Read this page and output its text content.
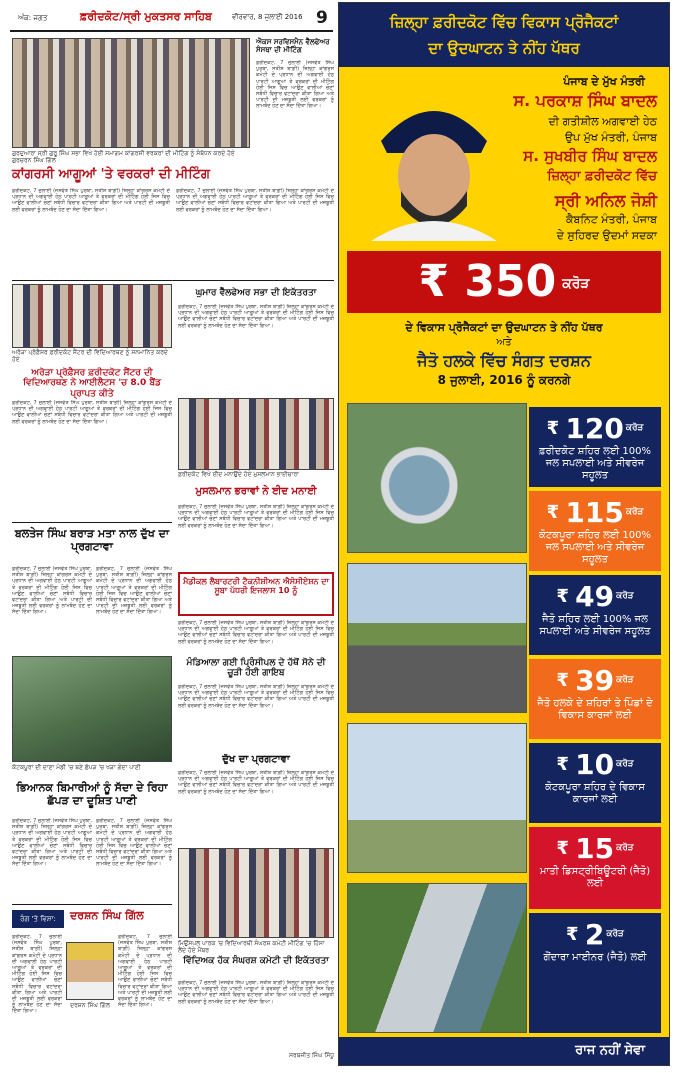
ਅੰਕ: ਜਗਤ	ਫ਼ਰੀਦਕੋਟ/ਸ੍ਰੀ ਮੁਕਤਸਰ ਸਾਹਿਬ	ਵੀਰਵਾਰ, 8 ਜੁਲਾਈ 2016 9
ਗੁਰਦੁਆਰਾ ਸ੍ਰੀ ਗੁਰੂ ਸਿੰਘ ਸਭਾ ਵਿਖੇ ਹੋਈ ਸਮਾਗਮ ਕਾਂਗਰਸੀ ਵਰਕਰਾਂ ਦੀ ਮੀਟਿੰਗ ਨੂੰ ਸੰਬੋਧਨ ਕਰਦੇ ਹੋਏ ਗੁਰਚਰਨ ਸਿੰਘ ਗਿੱਲ
ਐਕਸ ਸਰਵਿਸਮੈਨ ਵੈੱਲਫੇਅਰ ਸੰਸਥਾ ਦੀ ਮੀਟਿੰਗ
ਫ਼ਰੀਦਕੋਟ, 7 ਜੁਲਾਈ (ਜਸਵੰਤ ਸਿੰਘ ਪੁਰਬਾ, ਸਤੀਸ਼ ਬਾਗ਼ੀ) ਜ਼ਿਲ੍ਹਾ ਕਾਂਗਰਸ ਕਮੇਟੀ ਦੇ ਪ੍ਰਧਾਨ ਦੀ ਅਗਵਾਈ ਹੇਠ ਪਾਰਟੀ ਆਗੂਆਂ ਤੇ ਵਰਕਰਾਂ ਦੀ ਮੀਟਿੰਗ ਹੋਈ ਜਿਸ ਵਿਚ ਆਉਣ ਵਾਲੀਆਂ ਚੋਣਾਂ ਸਬੰਧੀ ਵਿਚਾਰ ਵਟਾਂਦਰਾ ਕੀਤਾ ਗਿਆ ਅਤੇ ਪਾਰਟੀ ਦੀ ਮਜ਼ਬੂਤੀ ਲਈ ਵਰਕਰਾਂ ਨੂੰ ਲਾਮਬੰਦ ਹੋਣ ਦਾ ਸੱਦਾ ਦਿੱਤਾ ਗਿਆ।
ਕਾਂਗਰਸੀ ਆਗੂਆਂ 'ਤੇ ਵਰਕਰਾਂ ਦੀ ਮੀਟਿੰਗ
ਫ਼ਰੀਦਕੋਟ, 7 ਜੁਲਾਈ (ਜਸਵੰਤ ਸਿੰਘ ਪੁਰਬਾ, ਸਤੀਸ਼ ਬਾਗ਼ੀ) ਜ਼ਿਲ੍ਹਾ ਕਾਂਗਰਸ ਕਮੇਟੀ ਦੇ ਪ੍ਰਧਾਨ ਦੀ ਅਗਵਾਈ ਹੇਠ ਪਾਰਟੀ ਆਗੂਆਂ ਤੇ ਵਰਕਰਾਂ ਦੀ ਮੀਟਿੰਗ ਹੋਈ ਜਿਸ ਵਿਚ ਆਉਣ ਵਾਲੀਆਂ ਚੋਣਾਂ ਸਬੰਧੀ ਵਿਚਾਰ ਵਟਾਂਦਰਾ ਕੀਤਾ ਗਿਆ ਅਤੇ ਪਾਰਟੀ ਦੀ ਮਜ਼ਬੂਤੀ ਲਈ ਵਰਕਰਾਂ ਨੂੰ ਲਾਮਬੰਦ ਹੋਣ ਦਾ ਸੱਦਾ ਦਿੱਤਾ ਗਿਆ।
ਫ਼ਰੀਦਕੋਟ, 7 ਜੁਲਾਈ (ਜਸਵੰਤ ਸਿੰਘ ਪੁਰਬਾ, ਸਤੀਸ਼ ਬਾਗ਼ੀ) ਜ਼ਿਲ੍ਹਾ ਕਾਂਗਰਸ ਕਮੇਟੀ ਦੇ ਪ੍ਰਧਾਨ ਦੀ ਅਗਵਾਈ ਹੇਠ ਪਾਰਟੀ ਆਗੂਆਂ ਤੇ ਵਰਕਰਾਂ ਦੀ ਮੀਟਿੰਗ ਹੋਈ ਜਿਸ ਵਿਚ ਆਉਣ ਵਾਲੀਆਂ ਚੋਣਾਂ ਸਬੰਧੀ ਵਿਚਾਰ ਵਟਾਂਦਰਾ ਕੀਤਾ ਗਿਆ ਅਤੇ ਪਾਰਟੀ ਦੀ ਮਜ਼ਬੂਤੀ ਲਈ ਵਰਕਰਾਂ ਨੂੰ ਲਾਮਬੰਦ ਹੋਣ ਦਾ ਸੱਦਾ ਦਿੱਤਾ ਗਿਆ।
ਅਰੋੜਾ ਪ੍ਰੋਫ਼ੈਸਰ ਫ਼ਰੀਦਕੋਟ ਸੈਂਟਰ ਦੀ ਵਿਦਿਆਰਥਣ ਨੂੰ ਸਨਮਾਨਿਤ ਕਰਦੇ ਹੋਏ
ਅਰੋੜਾ ਪ੍ਰੋਫ਼ੈਸਰ ਫ਼ਰੀਦਕੋਟ ਸੈਂਟਰ ਦੀ ਵਿਦਿਆਰਥਣ ਨੇ ਆਈਲੈਟਸ 'ਚ 8.0 ਬੈਂਡ ਪ੍ਰਾਪਤ ਕੀਤੇ
ਫ਼ਰੀਦਕੋਟ, 7 ਜੁਲਾਈ (ਜਸਵੰਤ ਸਿੰਘ ਪੁਰਬਾ, ਸਤੀਸ਼ ਬਾਗ਼ੀ) ਜ਼ਿਲ੍ਹਾ ਕਾਂਗਰਸ ਕਮੇਟੀ ਦੇ ਪ੍ਰਧਾਨ ਦੀ ਅਗਵਾਈ ਹੇਠ ਪਾਰਟੀ ਆਗੂਆਂ ਤੇ ਵਰਕਰਾਂ ਦੀ ਮੀਟਿੰਗ ਹੋਈ ਜਿਸ ਵਿਚ ਆਉਣ ਵਾਲੀਆਂ ਚੋਣਾਂ ਸਬੰਧੀ ਵਿਚਾਰ ਵਟਾਂਦਰਾ ਕੀਤਾ ਗਿਆ ਅਤੇ ਪਾਰਟੀ ਦੀ ਮਜ਼ਬੂਤੀ ਲਈ ਵਰਕਰਾਂ ਨੂੰ ਲਾਮਬੰਦ ਹੋਣ ਦਾ ਸੱਦਾ ਦਿੱਤਾ ਗਿਆ।
ਘੁਮਾਰ ਵੈੱਲਫੇਅਰ ਸਭਾ ਦੀ ਇਕੱਤਰਤਾ
ਫ਼ਰੀਦਕੋਟ, 7 ਜੁਲਾਈ (ਜਸਵੰਤ ਸਿੰਘ ਪੁਰਬਾ, ਸਤੀਸ਼ ਬਾਗ਼ੀ) ਜ਼ਿਲ੍ਹਾ ਕਾਂਗਰਸ ਕਮੇਟੀ ਦੇ ਪ੍ਰਧਾਨ ਦੀ ਅਗਵਾਈ ਹੇਠ ਪਾਰਟੀ ਆਗੂਆਂ ਤੇ ਵਰਕਰਾਂ ਦੀ ਮੀਟਿੰਗ ਹੋਈ ਜਿਸ ਵਿਚ ਆਉਣ ਵਾਲੀਆਂ ਚੋਣਾਂ ਸਬੰਧੀ ਵਿਚਾਰ ਵਟਾਂਦਰਾ ਕੀਤਾ ਗਿਆ ਅਤੇ ਪਾਰਟੀ ਦੀ ਮਜ਼ਬੂਤੀ ਲਈ ਵਰਕਰਾਂ ਨੂੰ ਲਾਮਬੰਦ ਹੋਣ ਦਾ ਸੱਦਾ ਦਿੱਤਾ ਗਿਆ।
ਫ਼ਰੀਦਕੋਟ ਵਿਖੇ ਈਦ ਮਨਾਉਂਦੇ ਹੋਏ ਮੁਸਲਮਾਨ ਭਾਈਚਾਰਾ
ਮੁਸਲਮਾਨ ਭਰਾਵਾਂ ਨੇ ਈਦ ਮਨਾਈ
ਫ਼ਰੀਦਕੋਟ, 7 ਜੁਲਾਈ (ਜਸਵੰਤ ਸਿੰਘ ਪੁਰਬਾ, ਸਤੀਸ਼ ਬਾਗ਼ੀ) ਜ਼ਿਲ੍ਹਾ ਕਾਂਗਰਸ ਕਮੇਟੀ ਦੇ ਪ੍ਰਧਾਨ ਦੀ ਅਗਵਾਈ ਹੇਠ ਪਾਰਟੀ ਆਗੂਆਂ ਤੇ ਵਰਕਰਾਂ ਦੀ ਮੀਟਿੰਗ ਹੋਈ ਜਿਸ ਵਿਚ ਆਉਣ ਵਾਲੀਆਂ ਚੋਣਾਂ ਸਬੰਧੀ ਵਿਚਾਰ ਵਟਾਂਦਰਾ ਕੀਤਾ ਗਿਆ ਅਤੇ ਪਾਰਟੀ ਦੀ ਮਜ਼ਬੂਤੀ ਲਈ ਵਰਕਰਾਂ ਨੂੰ ਲਾਮਬੰਦ ਹੋਣ ਦਾ ਸੱਦਾ ਦਿੱਤਾ ਗਿਆ।
ਬਲਤੇਜ ਸਿੰਘ ਬਰਾੜ ਮਤਾ ਨਾਲ ਦੁੱਖ ਦਾ ਪ੍ਰਗਟਾਵਾ
ਫ਼ਰੀਦਕੋਟ, 7 ਜੁਲਾਈ (ਜਸਵੰਤ ਸਿੰਘ ਪੁਰਬਾ, ਸਤੀਸ਼ ਬਾਗ਼ੀ) ਜ਼ਿਲ੍ਹਾ ਕਾਂਗਰਸ ਕਮੇਟੀ ਦੇ ਪ੍ਰਧਾਨ ਦੀ ਅਗਵਾਈ ਹੇਠ ਪਾਰਟੀ ਆਗੂਆਂ ਤੇ ਵਰਕਰਾਂ ਦੀ ਮੀਟਿੰਗ ਹੋਈ ਜਿਸ ਵਿਚ ਆਉਣ ਵਾਲੀਆਂ ਚੋਣਾਂ ਸਬੰਧੀ ਵਿਚਾਰ ਵਟਾਂਦਰਾ ਕੀਤਾ ਗਿਆ ਅਤੇ ਪਾਰਟੀ ਦੀ ਮਜ਼ਬੂਤੀ ਲਈ ਵਰਕਰਾਂ ਨੂੰ ਲਾਮਬੰਦ ਹੋਣ ਦਾ ਸੱਦਾ ਦਿੱਤਾ ਗਿਆ।
ਫ਼ਰੀਦਕੋਟ, 7 ਜੁਲਾਈ (ਜਸਵੰਤ ਸਿੰਘ ਪੁਰਬਾ, ਸਤੀਸ਼ ਬਾਗ਼ੀ) ਜ਼ਿਲ੍ਹਾ ਕਾਂਗਰਸ ਕਮੇਟੀ ਦੇ ਪ੍ਰਧਾਨ ਦੀ ਅਗਵਾਈ ਹੇਠ ਪਾਰਟੀ ਆਗੂਆਂ ਤੇ ਵਰਕਰਾਂ ਦੀ ਮੀਟਿੰਗ ਹੋਈ ਜਿਸ ਵਿਚ ਆਉਣ ਵਾਲੀਆਂ ਚੋਣਾਂ ਸਬੰਧੀ ਵਿਚਾਰ ਵਟਾਂਦਰਾ ਕੀਤਾ ਗਿਆ ਅਤੇ ਪਾਰਟੀ ਦੀ ਮਜ਼ਬੂਤੀ ਲਈ ਵਰਕਰਾਂ ਨੂੰ ਲਾਮਬੰਦ ਹੋਣ ਦਾ ਸੱਦਾ ਦਿੱਤਾ ਗਿਆ।
ਮੈਡੀਕਲ ਲੈਬਾਰਟਰੀ ਟੈਕਨੀਸ਼ੀਅਨ ਐਸੋਸੀਏਸ਼ਨ ਦਾ ਸੂਬਾ ਪੱਧਰੀ ਇਜਲਾਸ 10 ਨੂੰ
ਫ਼ਰੀਦਕੋਟ, 7 ਜੁਲਾਈ (ਜਸਵੰਤ ਸਿੰਘ ਪੁਰਬਾ, ਸਤੀਸ਼ ਬਾਗ਼ੀ) ਜ਼ਿਲ੍ਹਾ ਕਾਂਗਰਸ ਕਮੇਟੀ ਦੇ ਪ੍ਰਧਾਨ ਦੀ ਅਗਵਾਈ ਹੇਠ ਪਾਰਟੀ ਆਗੂਆਂ ਤੇ ਵਰਕਰਾਂ ਦੀ ਮੀਟਿੰਗ ਹੋਈ ਜਿਸ ਵਿਚ ਆਉਣ ਵਾਲੀਆਂ ਚੋਣਾਂ ਸਬੰਧੀ ਵਿਚਾਰ ਵਟਾਂਦਰਾ ਕੀਤਾ ਗਿਆ ਅਤੇ ਪਾਰਟੀ ਦੀ ਮਜ਼ਬੂਤੀ ਲਈ ਵਰਕਰਾਂ ਨੂੰ ਲਾਮਬੰਦ ਹੋਣ ਦਾ ਸੱਦਾ ਦਿੱਤਾ ਗਿਆ।
ਮੰਡਿਆਲਾ ਗਈ ਪ੍ਰਿੰਸੀਪਲ ਦੇ ਹੱਥੋਂ ਸੋਨੇ ਦੀ ਚੂੜੀ ਹੋਈ ਗਾਇਬ
ਫ਼ਰੀਦਕੋਟ, 7 ਜੁਲਾਈ (ਜਸਵੰਤ ਸਿੰਘ ਪੁਰਬਾ, ਸਤੀਸ਼ ਬਾਗ਼ੀ) ਜ਼ਿਲ੍ਹਾ ਕਾਂਗਰਸ ਕਮੇਟੀ ਦੇ ਪ੍ਰਧਾਨ ਦੀ ਅਗਵਾਈ ਹੇਠ ਪਾਰਟੀ ਆਗੂਆਂ ਤੇ ਵਰਕਰਾਂ ਦੀ ਮੀਟਿੰਗ ਹੋਈ ਜਿਸ ਵਿਚ ਆਉਣ ਵਾਲੀਆਂ ਚੋਣਾਂ ਸਬੰਧੀ ਵਿਚਾਰ ਵਟਾਂਦਰਾ ਕੀਤਾ ਗਿਆ ਅਤੇ ਪਾਰਟੀ ਦੀ ਮਜ਼ਬੂਤੀ ਲਈ ਵਰਕਰਾਂ ਨੂੰ ਲਾਮਬੰਦ ਹੋਣ ਦਾ ਸੱਦਾ ਦਿੱਤਾ ਗਿਆ।
ਕੋਟਕਪੂਰਾ ਦੀ ਦਾਣਾ ਮੰਡੀ 'ਚ ਬਣੇ ਛੱਪੜ 'ਚ ਖੜਾ ਗੰਦਾ ਪਾਣੀ
ਦੁੱਖ ਦਾ ਪ੍ਰਗਟਾਵਾ
ਫ਼ਰੀਦਕੋਟ, 7 ਜੁਲਾਈ (ਜਸਵੰਤ ਸਿੰਘ ਪੁਰਬਾ, ਸਤੀਸ਼ ਬਾਗ਼ੀ) ਜ਼ਿਲ੍ਹਾ ਕਾਂਗਰਸ ਕਮੇਟੀ ਦੇ ਪ੍ਰਧਾਨ ਦੀ ਅਗਵਾਈ ਹੇਠ ਪਾਰਟੀ ਆਗੂਆਂ ਤੇ ਵਰਕਰਾਂ ਦੀ ਮੀਟਿੰਗ ਹੋਈ ਜਿਸ ਵਿਚ ਆਉਣ ਵਾਲੀਆਂ ਚੋਣਾਂ ਸਬੰਧੀ ਵਿਚਾਰ ਵਟਾਂਦਰਾ ਕੀਤਾ ਗਿਆ ਅਤੇ ਪਾਰਟੀ ਦੀ ਮਜ਼ਬੂਤੀ ਲਈ ਵਰਕਰਾਂ ਨੂੰ ਲਾਮਬੰਦ ਹੋਣ ਦਾ ਸੱਦਾ ਦਿੱਤਾ ਗਿਆ।
ਭਿਆਨਕ ਬਿਮਾਰੀਆਂ ਨੂੰ ਸੱਦਾ ਦੇ ਰਿਹਾ ਛੱਪੜ ਦਾ ਦੂਸ਼ਿਤ ਪਾਣੀ
ਫ਼ਰੀਦਕੋਟ, 7 ਜੁਲਾਈ (ਜਸਵੰਤ ਸਿੰਘ ਪੁਰਬਾ, ਸਤੀਸ਼ ਬਾਗ਼ੀ) ਜ਼ਿਲ੍ਹਾ ਕਾਂਗਰਸ ਕਮੇਟੀ ਦੇ ਪ੍ਰਧਾਨ ਦੀ ਅਗਵਾਈ ਹੇਠ ਪਾਰਟੀ ਆਗੂਆਂ ਤੇ ਵਰਕਰਾਂ ਦੀ ਮੀਟਿੰਗ ਹੋਈ ਜਿਸ ਵਿਚ ਆਉਣ ਵਾਲੀਆਂ ਚੋਣਾਂ ਸਬੰਧੀ ਵਿਚਾਰ ਵਟਾਂਦਰਾ ਕੀਤਾ ਗਿਆ ਅਤੇ ਪਾਰਟੀ ਦੀ ਮਜ਼ਬੂਤੀ ਲਈ ਵਰਕਰਾਂ ਨੂੰ ਲਾਮਬੰਦ ਹੋਣ ਦਾ ਸੱਦਾ ਦਿੱਤਾ ਗਿਆ।
ਫ਼ਰੀਦਕੋਟ, 7 ਜੁਲਾਈ (ਜਸਵੰਤ ਸਿੰਘ ਪੁਰਬਾ, ਸਤੀਸ਼ ਬਾਗ਼ੀ) ਜ਼ਿਲ੍ਹਾ ਕਾਂਗਰਸ ਕਮੇਟੀ ਦੇ ਪ੍ਰਧਾਨ ਦੀ ਅਗਵਾਈ ਹੇਠ ਪਾਰਟੀ ਆਗੂਆਂ ਤੇ ਵਰਕਰਾਂ ਦੀ ਮੀਟਿੰਗ ਹੋਈ ਜਿਸ ਵਿਚ ਆਉਣ ਵਾਲੀਆਂ ਚੋਣਾਂ ਸਬੰਧੀ ਵਿਚਾਰ ਵਟਾਂਦਰਾ ਕੀਤਾ ਗਿਆ ਅਤੇ ਪਾਰਟੀ ਦੀ ਮਜ਼ਬੂਤੀ ਲਈ ਵਰਕਰਾਂ ਨੂੰ ਲਾਮਬੰਦ ਹੋਣ ਦਾ ਸੱਦਾ ਦਿੱਤਾ ਗਿਆ।
ਮਿਉਂਸਪਲ ਪਾਰਕ 'ਚ ਵਿਦਿਆਰਥੀ ਸੰਘਰਸ਼ ਕਮੇਟੀ ਮੀਟਿੰਗ 'ਚ ਹਿੱਸਾ ਲੈਂਦੇ ਹੋਏ ਮੈਂਬਰ
ਵਿੱਦਿਅਕ ਹੱਕ ਸੰਘਰਸ਼ ਕਮੇਟੀ ਦੀ ਇਕੱਤਰਤਾ
ਫ਼ਰੀਦਕੋਟ, 7 ਜੁਲਾਈ (ਜਸਵੰਤ ਸਿੰਘ ਪੁਰਬਾ, ਸਤੀਸ਼ ਬਾਗ਼ੀ) ਜ਼ਿਲ੍ਹਾ ਕਾਂਗਰਸ ਕਮੇਟੀ ਦੇ ਪ੍ਰਧਾਨ ਦੀ ਅਗਵਾਈ ਹੇਠ ਪਾਰਟੀ ਆਗੂਆਂ ਤੇ ਵਰਕਰਾਂ ਦੀ ਮੀਟਿੰਗ ਹੋਈ ਜਿਸ ਵਿਚ ਆਉਣ ਵਾਲੀਆਂ ਚੋਣਾਂ ਸਬੰਧੀ ਵਿਚਾਰ ਵਟਾਂਦਰਾ ਕੀਤਾ ਗਿਆ ਅਤੇ ਪਾਰਟੀ ਦੀ ਮਜ਼ਬੂਤੀ ਲਈ ਵਰਕਰਾਂ ਨੂੰ ਲਾਮਬੰਦ ਹੋਣ ਦਾ ਸੱਦਾ ਦਿੱਤਾ ਗਿਆ।
ਸਰਬਜੀਤ ਸਿੰਘ ਸਿੱਧੂ
ਰੰਗ 'ਤੇ ਵਿਸ਼ਾ:	ਦਰਸ਼ਨ ਸਿੰਘ ਗਿੱਲ
ਫ਼ਰੀਦਕੋਟ, 7 ਜੁਲਾਈ (ਜਸਵੰਤ ਸਿੰਘ ਪੁਰਬਾ, ਸਤੀਸ਼ ਬਾਗ਼ੀ) ਜ਼ਿਲ੍ਹਾ ਕਾਂਗਰਸ ਕਮੇਟੀ ਦੇ ਪ੍ਰਧਾਨ ਦੀ ਅਗਵਾਈ ਹੇਠ ਪਾਰਟੀ ਆਗੂਆਂ ਤੇ ਵਰਕਰਾਂ ਦੀ ਮੀਟਿੰਗ ਹੋਈ ਜਿਸ ਵਿਚ ਆਉਣ ਵਾਲੀਆਂ ਚੋਣਾਂ ਸਬੰਧੀ ਵਿਚਾਰ ਵਟਾਂਦਰਾ ਕੀਤਾ ਗਿਆ ਅਤੇ ਪਾਰਟੀ ਦੀ ਮਜ਼ਬੂਤੀ ਲਈ ਵਰਕਰਾਂ ਨੂੰ ਲਾਮਬੰਦ ਹੋਣ ਦਾ ਸੱਦਾ ਦਿੱਤਾ ਗਿਆ।
ਦਰਸ਼ਨ ਸਿੰਘ ਗਿੱਲ
ਫ਼ਰੀਦਕੋਟ, 7 ਜੁਲਾਈ (ਜਸਵੰਤ ਸਿੰਘ ਪੁਰਬਾ, ਸਤੀਸ਼ ਬਾਗ਼ੀ) ਜ਼ਿਲ੍ਹਾ ਕਾਂਗਰਸ ਕਮੇਟੀ ਦੇ ਪ੍ਰਧਾਨ ਦੀ ਅਗਵਾਈ ਹੇਠ ਪਾਰਟੀ ਆਗੂਆਂ ਤੇ ਵਰਕਰਾਂ ਦੀ ਮੀਟਿੰਗ ਹੋਈ ਜਿਸ ਵਿਚ ਆਉਣ ਵਾਲੀਆਂ ਚੋਣਾਂ ਸਬੰਧੀ ਵਿਚਾਰ ਵਟਾਂਦਰਾ ਕੀਤਾ ਗਿਆ ਅਤੇ ਪਾਰਟੀ ਦੀ ਮਜ਼ਬੂਤੀ ਲਈ ਵਰਕਰਾਂ ਨੂੰ ਲਾਮਬੰਦ ਹੋਣ ਦਾ ਸੱਦਾ ਦਿੱਤਾ ਗਿਆ।
ਜ਼ਿਲ੍ਹਾ ਫ਼ਰੀਦਕੋਟ ਵਿੱਚ ਵਿਕਾਸ ਪ੍ਰੋਜੈਕਟਾਂ
ਦਾ ਉਦਘਾਟਨ ਤੇ ਨੀਂਹ ਪੱਥਰ
ਪੰਜਾਬ ਦੇ ਮੁੱਖ ਮੰਤਰੀ
ਸ. ਪਰਕਾਸ਼ ਸਿੰਘ ਬਾਦਲ
ਦੀ ਗਤੀਸ਼ੀਲ ਅਗਵਾਈ ਹੇਠ
ਉਪ ਮੁੱਖ ਮੰਤਰੀ, ਪੰਜਾਬ
ਸ. ਸੁਖਬੀਰ ਸਿੰਘ ਬਾਦਲ
ਜ਼ਿਲ੍ਹਾ ਫ਼ਰੀਦਕੋਟ ਵਿੱਚ
ਸ੍ਰੀ ਅਨਿਲ ਜੋਸ਼ੀ
ਕੈਬਨਿਟ ਮੰਤਰੀ, ਪੰਜਾਬ
ਦੇ ਸੁਹਿਰਦ ਉਦਮਾਂ ਸਦਕਾ
₹ 350 ਕਰੋੜ
ਦੇ ਵਿਕਾਸ ਪ੍ਰੋਜੈਕਟਾਂ ਦਾ ਉਦਘਾਟਨ ਤੇ ਨੀਂਹ ਪੱਥਰ
ਅਤੇ
ਜੈਤੋ ਹਲਕੇ ਵਿੱਚ ਸੰਗਤ ਦਰਸ਼ਨ
8 ਜੁਲਾਈ, 2016 ਨੂੰ ਕਰਨਗੇ
₹ 120 $^{ਕਰੋੜ}$
ਫ਼ਰੀਦਕੋਟ ਸ਼ਹਿਰ ਲਈ 100% ਜਲ ਸਪਲਾਈ ਅਤੇ ਸੀਵਰੇਜ ਸਹੂਲਤ
₹ 115 $^{ਕਰੋੜ}$
ਕੋਟਕਪੂਰਾ ਸ਼ਹਿਰ ਲਈ 100% ਜਲ ਸਪਲਾਈ ਅਤੇ ਸੀਵਰੇਜ ਸਹੂਲਤ
₹ 49 $^{ਕਰੋੜ}$
ਜੈਤੋ ਸ਼ਹਿਰ ਲਈ 100% ਜਲ ਸਪਲਾਈ ਅਤੇ ਸੀਵਰੇਜ ਸਹੂਲਤ
₹ 39 $^{ਕਰੋੜ}$
ਜੈਤੋ ਹਲਕੇ ਦੇ ਸ਼ਹਿਰਾਂ ਤੇ ਪਿੰਡਾਂ ਦੇ ਵਿਕਾਸ ਕਾਰਜਾਂ ਲਈ
₹ 10 $^{ਕਰੋੜ}$
ਕੋਟਕਪੂਰਾ ਸ਼ਹਿਰ ਦੇ ਵਿਕਾਸ ਕਾਰਜਾਂ ਲਈ
₹ 15 $^{ਕਰੋੜ}$
ਮਾਤੀ ਡਿਸਟ੍ਰੀਬਿਊਟਰੀ (ਜੈਤੋ) ਲਈ
₹ 2 $^{ਕਰੋੜ}$
ਗੋਂਦਾਰਾ ਮਾਈਨਰ (ਜੈਤੋ) ਲਈ
ਰਾਜ ਨਹੀਂ ਸੇਵਾ
